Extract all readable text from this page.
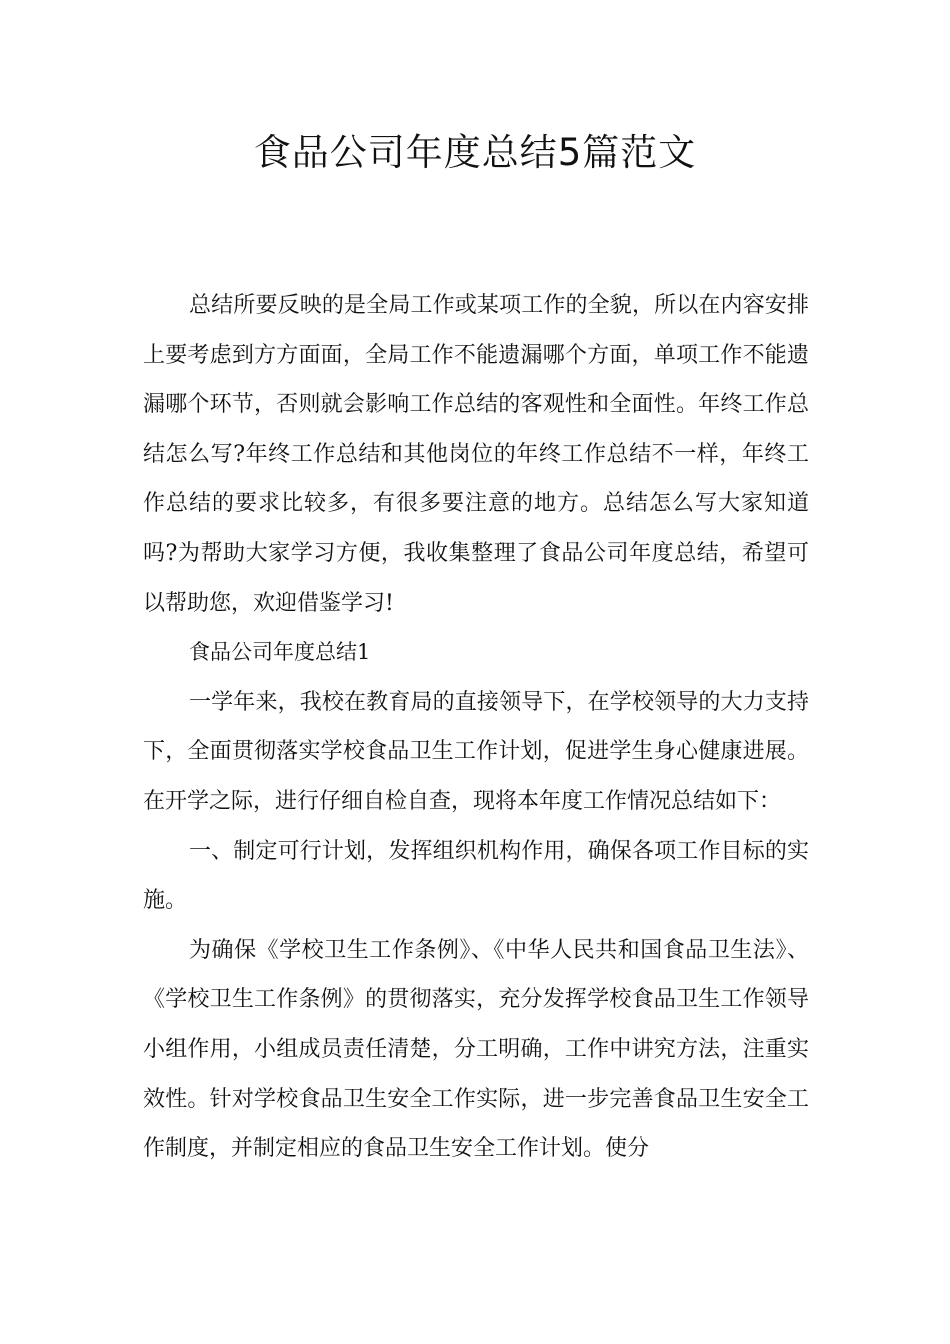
食品公司年度总结5篇范文

总结所要反映的是全局工作或某项工作的全貌，所以在内容安排上要考虑到方方面面，全局工作不能遗漏哪个方面，单项工作不能遗漏哪个环节，否则就会影响工作总结的客观性和全面性。年终工作总结怎么写?年终工作总结和其他岗位的年终工作总结不一样，年终工作总结的要求比较多，有很多要注意的地方。总结怎么写大家知道吗?为帮助大家学习方便，我收集整理了食品公司年度总结，希望可以帮助您，欢迎借鉴学习!

食品公司年度总结1

一学年来，我校在教育局的直接领导下，在学校领导的大力支持下，全面贯彻落实学校食品卫生工作计划，促进学生身心健康进展。在开学之际，进行仔细自检自查，现将本年度工作情况总结如下：

一、制定可行计划，发挥组织机构作用，确保各项工作目标的实施。

为确保《学校卫生工作条例》、《中华人民共和国食品卫生法》、《学校卫生工作条例》的贯彻落实，充分发挥学校食品卫生工作领导小组作用，小组成员责任清楚，分工明确，工作中讲究方法，注重实效性。针对学校食品卫生安全工作实际，进一步完善食品卫生安全工作制度，并制定相应的食品卫生安全工作计划。使分
